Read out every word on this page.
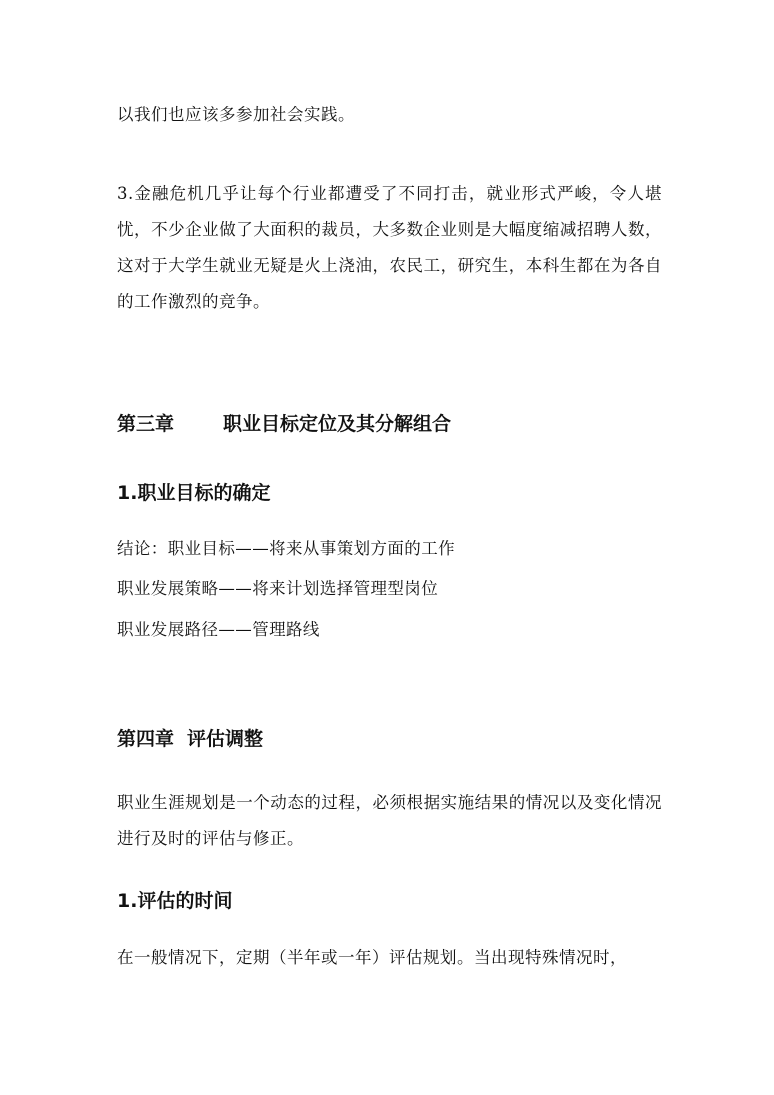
以我们也应该多参加社会实践。

3.金融危机几乎让每个行业都遭受了不同打击，就业形式严峻，令人堪忧，不少企业做了大面积的裁员，大多数企业则是大幅度缩减招聘人数，这对于大学生就业无疑是火上浇油，农民工，研究生，本科生都在为各自的工作激烈的竞争。

第三章	职业目标定位及其分解组合
1.职业目标的确定

结论：职业目标——将来从事策划方面的工作

职业发展策略——将来计划选择管理型岗位

职业发展路径——管理路线

第四章 评估调整

职业生涯规划是一个动态的过程，必须根据实施结果的情况以及变化情况进行及时的评估与修正。

1.评估的时间

在一般情况下，定期（半年或一年）评估规划。当出现特殊情况时，
